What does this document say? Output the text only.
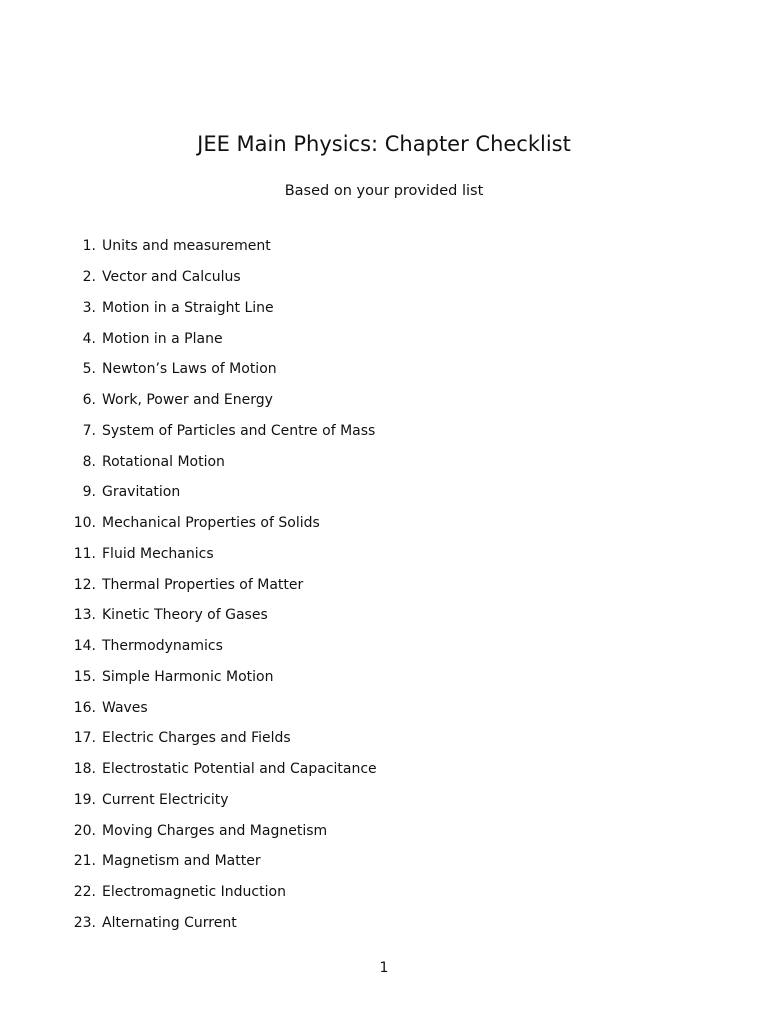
JEE Main Physics: Chapter Checklist

Based on your provided list

1. Units and measurement
2. Vector and Calculus
3. Motion in a Straight Line
4. Motion in a Plane
5. Newton’s Laws of Motion
6. Work, Power and Energy
7. System of Particles and Centre of Mass
8. Rotational Motion
9. Gravitation
10. Mechanical Properties of Solids
11. Fluid Mechanics
12. Thermal Properties of Matter
13. Kinetic Theory of Gases
14. Thermodynamics
15. Simple Harmonic Motion
16. Waves
17. Electric Charges and Fields
18. Electrostatic Potential and Capacitance
19. Current Electricity
20. Moving Charges and Magnetism
21. Magnetism and Matter
22. Electromagnetic Induction
23. Alternating Current
1
